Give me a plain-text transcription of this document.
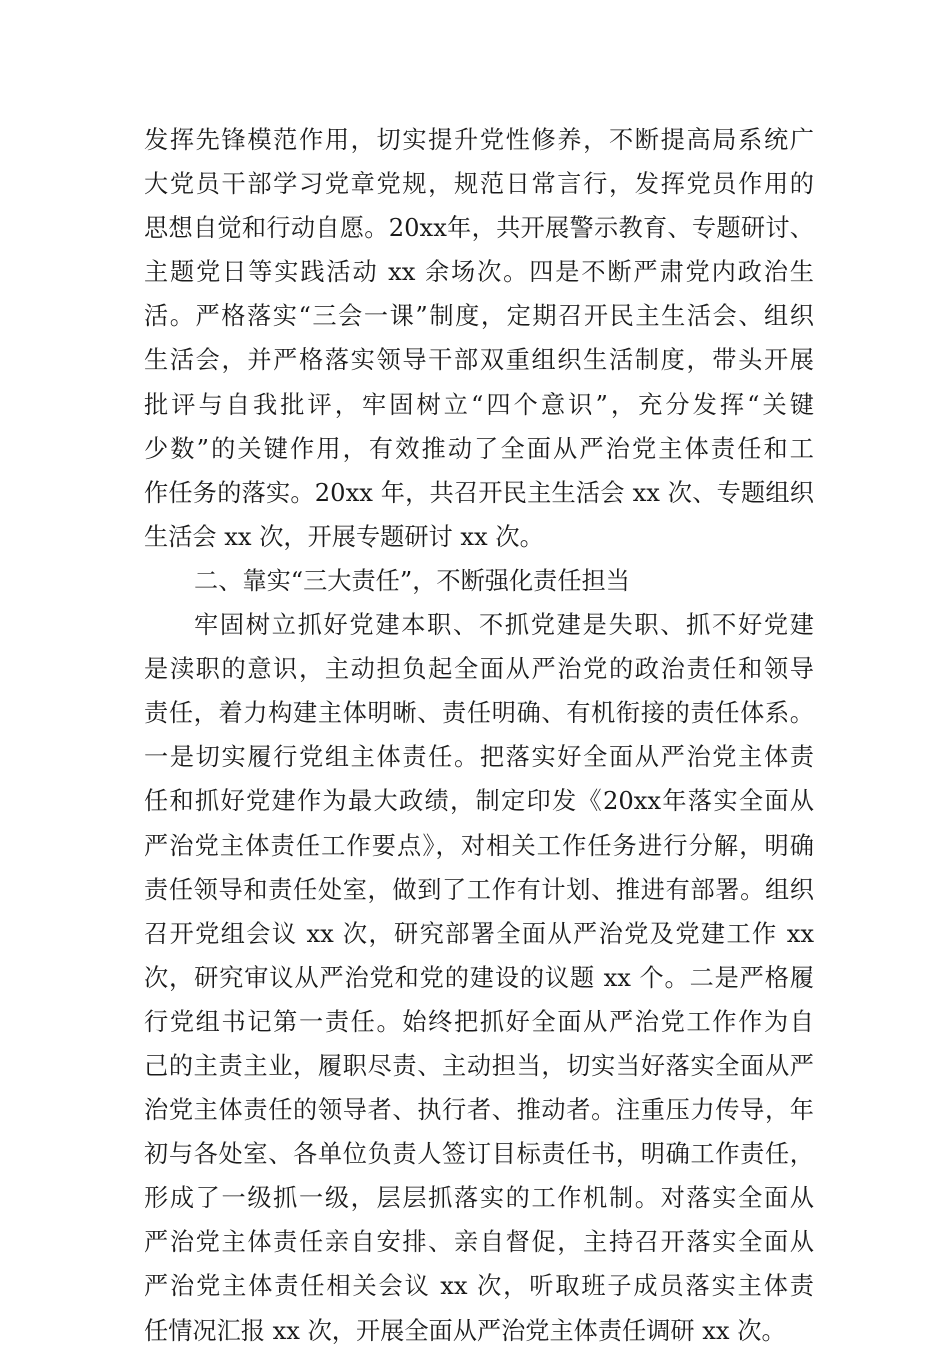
发挥先锋模范作用，切实提升党性修养，不断提高局系统广
大党员干部学习党章党规，规范日常言行，发挥党员作用的
思想自觉和行动自愿。20xx年，共开展警示教育、专题研讨、
主题党日等实践活动 xx 余场次。四是不断严肃党内政治生
活。严格落实“三会一课”制度，定期召开民主生活会、组织
生活会，并严格落实领导干部双重组织生活制度，带头开展
批评与自我批评，牢固树立“四个意识”，充分发挥“关键
少数”的关键作用，有效推动了全面从严治党主体责任和工
作任务的落实。20xx 年，共召开民主生活会 xx 次、专题组织
生活会 xx 次，开展专题研讨 xx 次。
二、靠实“三大责任”，不断强化责任担当
牢固树立抓好党建本职、不抓党建是失职、抓不好党建
是渎职的意识，主动担负起全面从严治党的政治责任和领导
责任，着力构建主体明晰、责任明确、有机衔接的责任体系。
一是切实履行党组主体责任。把落实好全面从严治党主体责
任和抓好党建作为最大政绩，制定印发《20xx年落实全面从
严治党主体责任工作要点》，对相关工作任务进行分解，明确
责任领导和责任处室，做到了工作有计划、推进有部署。组织
召开党组会议 xx 次，研究部署全面从严治党及党建工作 xx
次，研究审议从严治党和党的建设的议题 xx 个。二是严格履
行党组书记第一责任。始终把抓好全面从严治党工作作为自
己的主责主业，履职尽责、主动担当，切实当好落实全面从严
治党主体责任的领导者、执行者、推动者。注重压力传导，年
初与各处室、各单位负责人签订目标责任书，明确工作责任，
形成了一级抓一级，层层抓落实的工作机制。对落实全面从
严治党主体责任亲自安排、亲自督促，主持召开落实全面从
严治党主体责任相关会议 xx 次，听取班子成员落实主体责
任情况汇报 xx 次，开展全面从严治党主体责任调研 xx 次。
